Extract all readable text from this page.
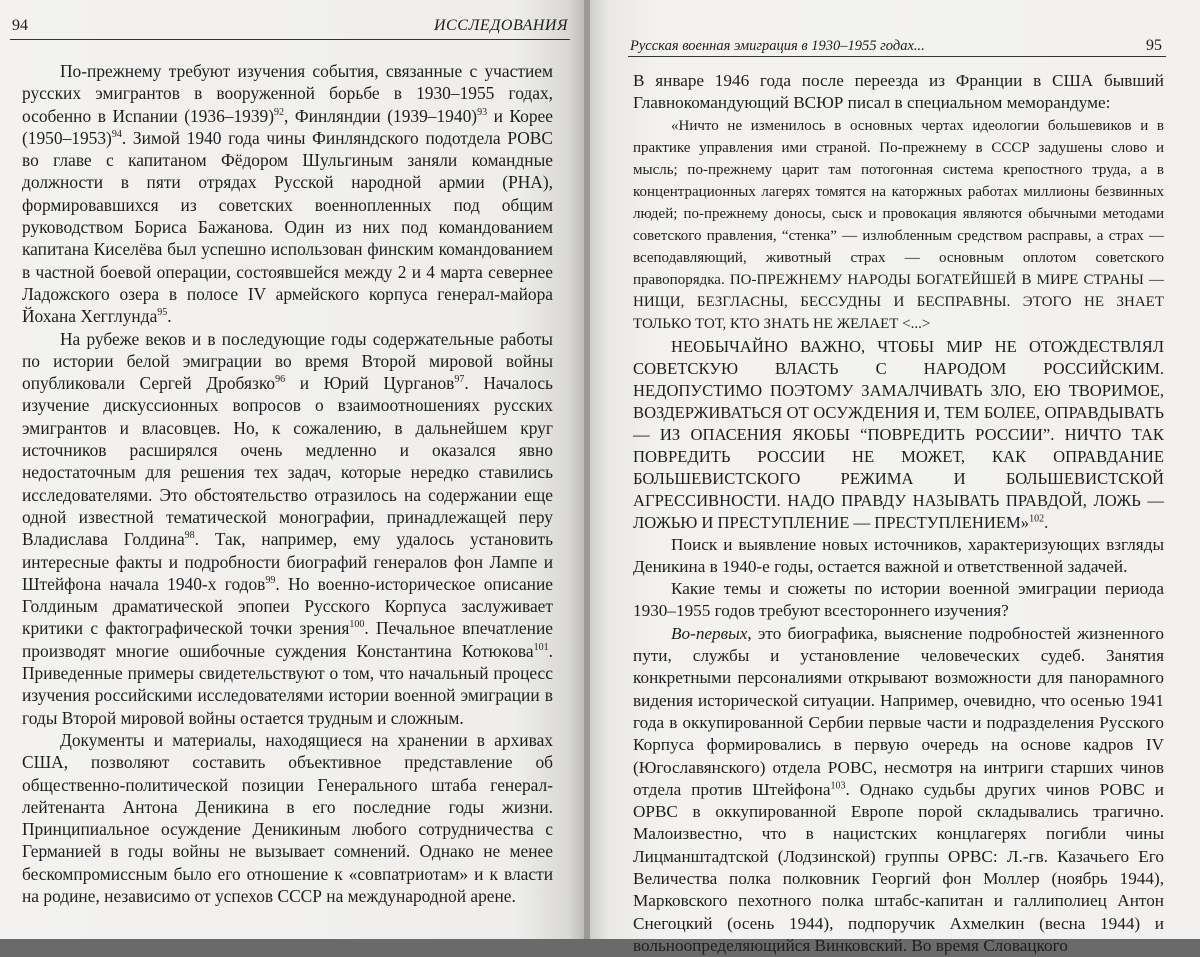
94	ИССЛЕДОВАНИЯ

По-прежнему требуют изучения события, связанные с участием русских эмигрантов в вооруженной борьбе в 1930–1955 годах, особенно в Испании (1936–1939)$^{92}$, Финляндии (1939–1940)$^{93}$ и Корее (1950–1953)$^{94}$. Зимой 1940 года чины Финляндского подотдела РОВС во главе с капитаном Фёдором Шульгиным заняли командные должности в пяти отрядах Русской народной армии (РНА), формировавшихся из советских военнопленных под общим руководством Бориса Бажанова. Один из них под командованием капитана Киселёва был успешно использован финским командованием в частной боевой операции, состоявшейся между 2 и 4 марта севернее Ладожского озера в полосе IV армейского корпуса генерал-майора Йохана Хегглунда$^{95}$.

На рубеже веков и в последующие годы содержательные работы по истории белой эмиграции во время Второй мировой войны опубликовали Сергей Дробязко$^{96}$ и Юрий Цурганов$^{97}$. Началось изучение дискуссионных вопросов о взаимоотношениях русских эмигрантов и власовцев. Но, к сожалению, в дальнейшем круг источников расширялся очень медленно и оказался явно недостаточным для решения тех задач, которые нередко ставились исследователями. Это обстоятельство отразилось на содержании еще одной известной тематической монографии, принадлежащей перу Владислава Голдина$^{98}$. Так, например, ему удалось установить интересные факты и подробности биографий генералов фон Лампе и Штейфона начала 1940-х годов$^{99}$. Но военно-историческое описание Голдиным драматической эпопеи Русского Корпуса заслуживает критики с фактографической точки зрения$^{100}$. Печальное впечатление производят многие ошибочные суждения Константина Котюкова$^{101}$. Приведенные примеры свидетельствуют о том, что начальный процесс изучения российскими исследователями истории военной эмиграции в годы Второй мировой войны остается трудным и сложным.

Документы и материалы, находящиеся на хранении в архивах США, позволяют составить объективное представление об общественно-политической позиции Генерального штаба генерал-лейтенанта Антона Деникина в его последние годы жизни. Принципиальное осуждение Деникиным любого сотрудничества с Германией в годы войны не вызывает сомнений. Однако не менее бескомпромиссным было его отношение к «совпатриотам» и к власти на родине, независимо от успехов СССР на международной арене.

Русская военная эмиграция в 1930–1955 годах...	95

В январе 1946 года после переезда из Франции в США бывший Главнокомандующий ВСЮР писал в специальном меморандуме:

«Ничто не изменилось в основных чертах идеологии большевиков и в практике управления ими страной. По-прежнему в СССР задушены слово и мысль; по-прежнему царит там потогонная система крепостного труда, а в концентрационных лагерях томятся на каторжных работах миллионы безвинных людей; по-прежнему доносы, сыск и провокация являются обычными методами советского правления, “стенка” — излюбленным средством расправы, а страх — всеподавляющий, животный страх — основным оплотом советского правопорядка. ПО-ПРЕЖНЕМУ НАРОДЫ БОГАТЕЙШЕЙ В МИРЕ СТРАНЫ — НИЩИ, БЕЗГЛАСНЫ, БЕССУДНЫ И БЕСПРАВНЫ. ЭТОГО НЕ ЗНАЕТ ТОЛЬКО ТОТ, КТО ЗНАТЬ НЕ ЖЕЛАЕТ <...>

НЕОБЫЧАЙНО ВАЖНО, ЧТОБЫ МИР НЕ ОТОЖДЕСТВЛЯЛ СОВЕТСКУЮ ВЛАСТЬ С НАРОДОМ РОССИЙСКИМ. НЕДОПУСТИМО ПОЭТОМУ ЗАМАЛЧИВАТЬ ЗЛО, ЕЮ ТВОРИМОЕ, ВОЗДЕРЖИВАТЬСЯ ОТ ОСУЖДЕНИЯ И, ТЕМ БОЛЕЕ, ОПРАВДЫВАТЬ — ИЗ ОПАСЕНИЯ ЯКОБЫ “ПОВРЕДИТЬ РОССИИ”. НИЧТО ТАК ПОВРЕДИТЬ РОССИИ НЕ МОЖЕТ, КАК ОПРАВДАНИЕ БОЛЬШЕВИСТСКОГО РЕЖИМА И БОЛЬШЕВИСТСКОЙ АГРЕССИВНОСТИ. НАДО ПРАВДУ НАЗЫВАТЬ ПРАВДОЙ, ЛОЖЬ — ЛОЖЬЮ И ПРЕСТУПЛЕНИЕ — ПРЕСТУПЛЕНИЕМ»$^{102}$.

Поиск и выявление новых источников, характеризующих взгляды Деникина в 1940-е годы, остается важной и ответственной задачей.

Какие темы и сюжеты по истории военной эмиграции периода 1930–1955 годов требуют всестороннего изучения?

Во-первых, это биографика, выяснение подробностей жизненного пути, службы и установление человеческих судеб. Занятия конкретными персоналиями открывают возможности для панорамного видения исторической ситуации. Например, очевидно, что осенью 1941 года в оккупированной Сербии первые части и подразделения Русского Корпуса формировались в первую очередь на основе кадров IV (Югославянского) отдела РОВС, несмотря на интриги старших чинов отдела против Штейфона$^{103}$. Однако судьбы других чинов РОВС и ОРВС в оккупированной Европе порой складывались трагично. Малоизвестно, что в нацистских концлагерях погибли чины Лицманштадтской (Лодзинской) группы ОРВС: Л.-гв. Казачьего Его Величества полка полковник Георгий фон Моллер (ноябрь 1944), Марковского пехотного полка штабс-капитан и галлиполиец Антон Снегоцкий (осень 1944), подпоручик Ахмелкин (весна 1944) и вольноопределяющийся Винковский. Во время Словацкого
